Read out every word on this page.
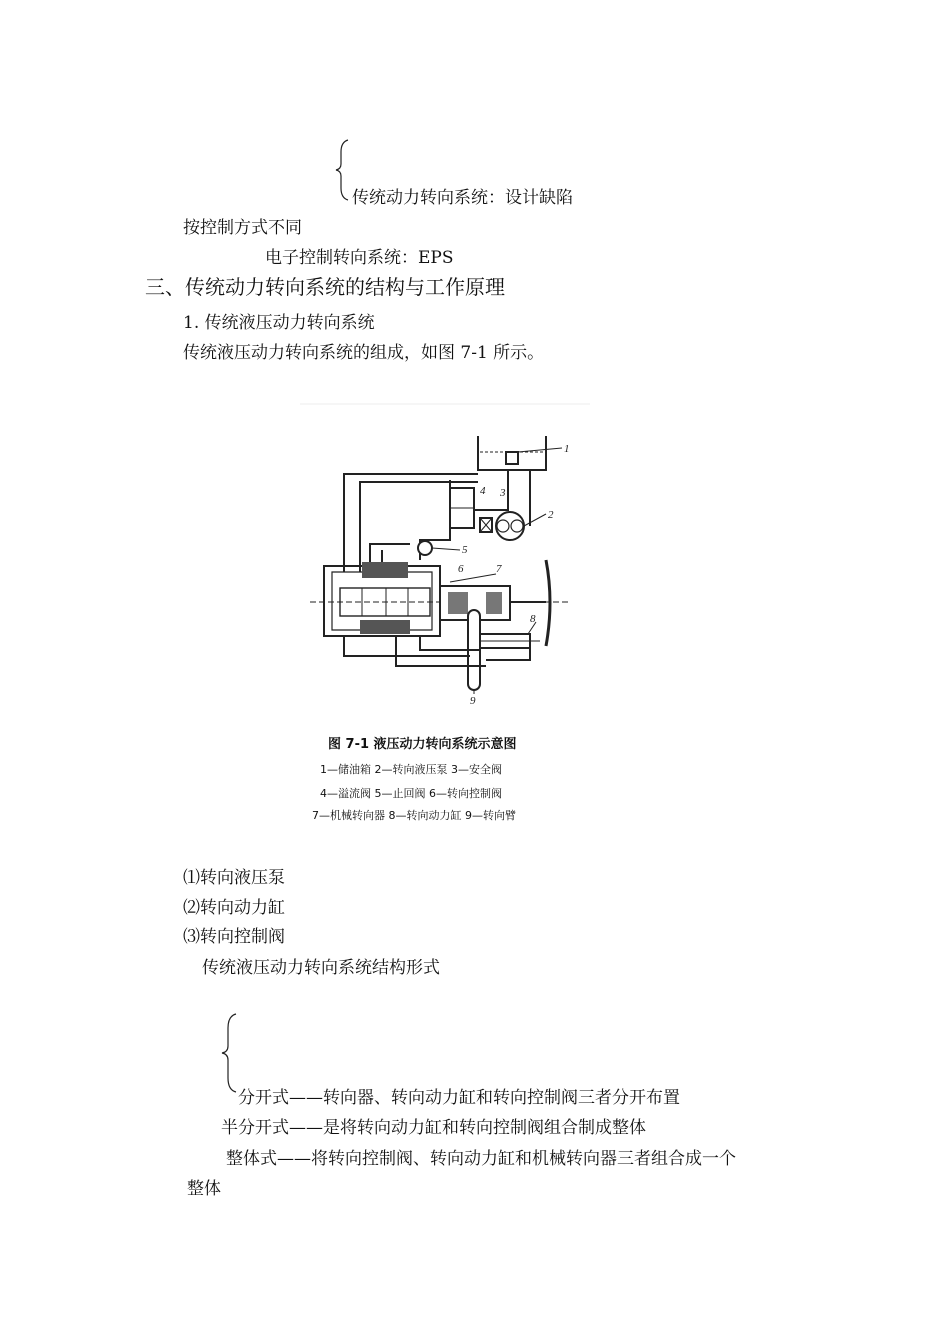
传统动力转向系统：设计缺陷
按控制方式不同
电子控制转向系统：EPS
三、传统动力转向系统的结构与工作原理
1. 传统液压动力转向系统
传统液压动力转向系统的组成，如图 7-1 所示。
1
2
3
4
5
6	7
8
9
图 7-1 液压动力转向系统示意图
1—储油箱 2—转向液压泵 3—安全阀
4—溢流阀 5—止回阀 6—转向控制阀
7—机械转向器 8—转向动力缸 9—转向臂
⑴转向液压泵
⑵转向动力缸
⑶转向控制阀
传统液压动力转向系统结构形式
分开式——转向器、转向动力缸和转向控制阀三者分开布置
半分开式——是将转向动力缸和转向控制阀组合制成整体
整体式——将转向控制阀、转向动力缸和机械转向器三者组合成一个
整体
